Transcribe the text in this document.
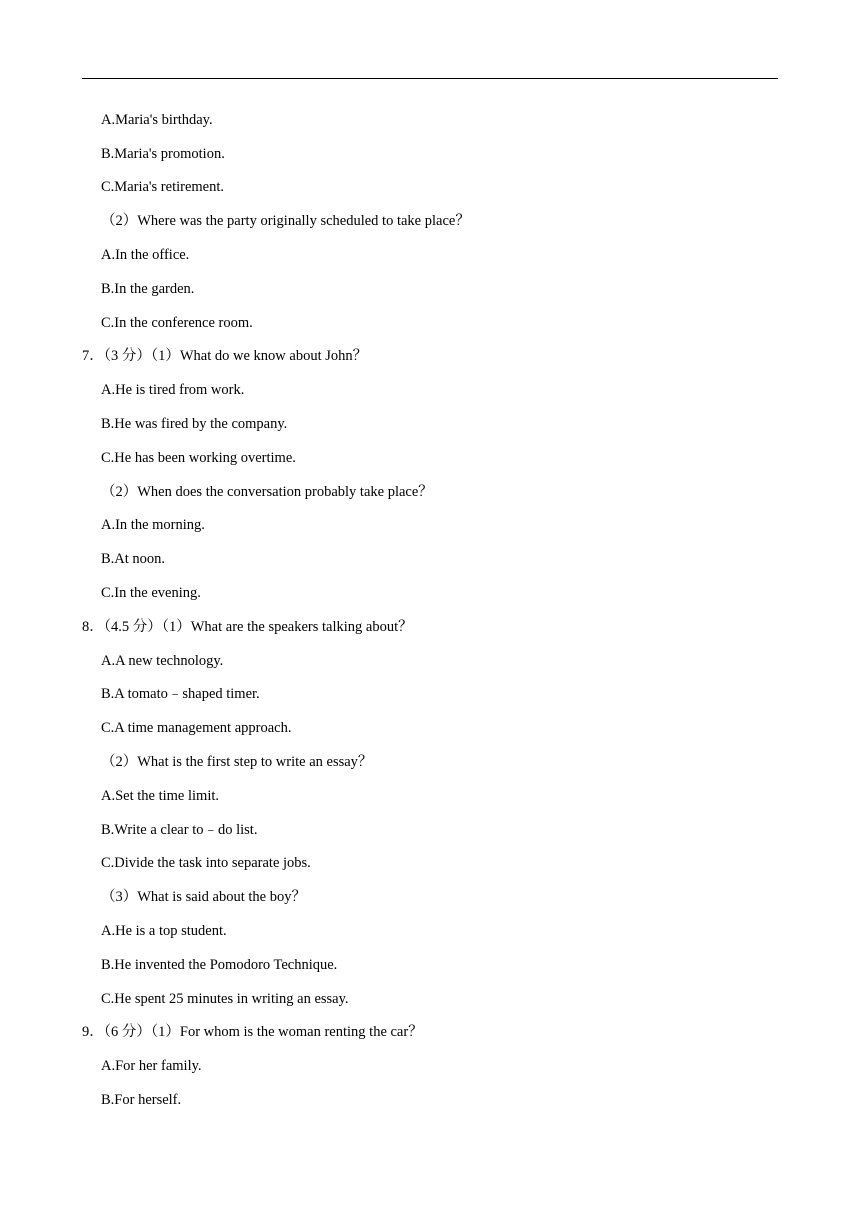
A.Maria's birthday.
B.Maria's promotion.
C.Maria's retirement.
（2）Where was the party originally scheduled to take place？
A.In the office.
B.In the garden.
C.In the conference room.
7．（3 分）（1）What do we know about John？
A.He is tired from work.
B.He was fired by the company.
C.He has been working overtime.
（2）When does the conversation probably take place？
A.In the morning.
B.At noon.
C.In the evening.
8．（4.5 分）（1）What are the speakers talking about？
A.A new technology.
B.A tomato﹣shaped timer.
C.A time management approach.
（2）What is the first step to write an essay？
A.Set the time limit.
B.Write a clear to﹣do list.
C.Divide the task into separate jobs.
（3）What is said about the boy？
A.He is a top student.
B.He invented the Pomodoro Technique.
C.He spent 25 minutes in writing an essay.
9．（6 分）（1）For whom is the woman renting the car？
A.For her family.
B.For herself.
